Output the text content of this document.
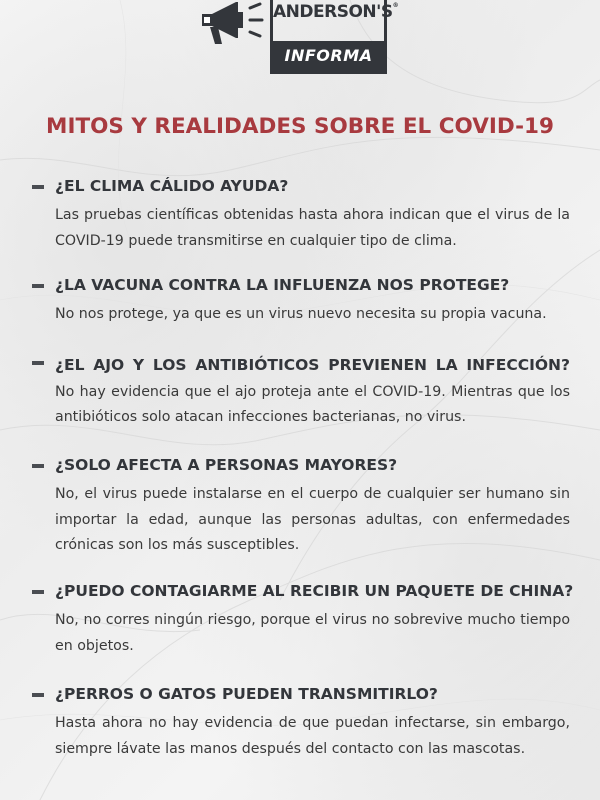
ANDERSON'S®
INFORMA
MITOS Y REALIDADES SOBRE EL COVID-19
¿EL CLIMA CÁLIDO AYUDA?
Las pruebas científicas obtenidas hasta ahora indican que el virus de la COVID-19 puede transmitirse en cualquier tipo de clima.
¿LA VACUNA CONTRA LA INFLUENZA NOS PROTEGE?
No nos protege, ya que es un virus nuevo necesita su propia vacuna.
¿EL AJO Y LOS ANTIBIÓTICOS PREVIENEN LA INFECCIÓN? No hay evidencia que el ajo proteja ante el COVID-19. Mientras que los antibióticos solo atacan infecciones bacterianas, no virus.
¿SOLO AFECTA A PERSONAS MAYORES?
No, el virus puede instalarse en el cuerpo de cualquier ser humano sin importar la edad, aunque las personas adultas, con enfermedades crónicas son los más susceptibles.
¿PUEDO CONTAGIARME AL RECIBIR UN PAQUETE DE CHINA?
No, no corres ningún riesgo, porque el virus no sobrevive mucho tiempo en objetos.
¿PERROS O GATOS PUEDEN TRANSMITIRLO?
Hasta ahora no hay evidencia de que puedan infectarse, sin embargo, siempre lávate las manos después del contacto con las mascotas.
